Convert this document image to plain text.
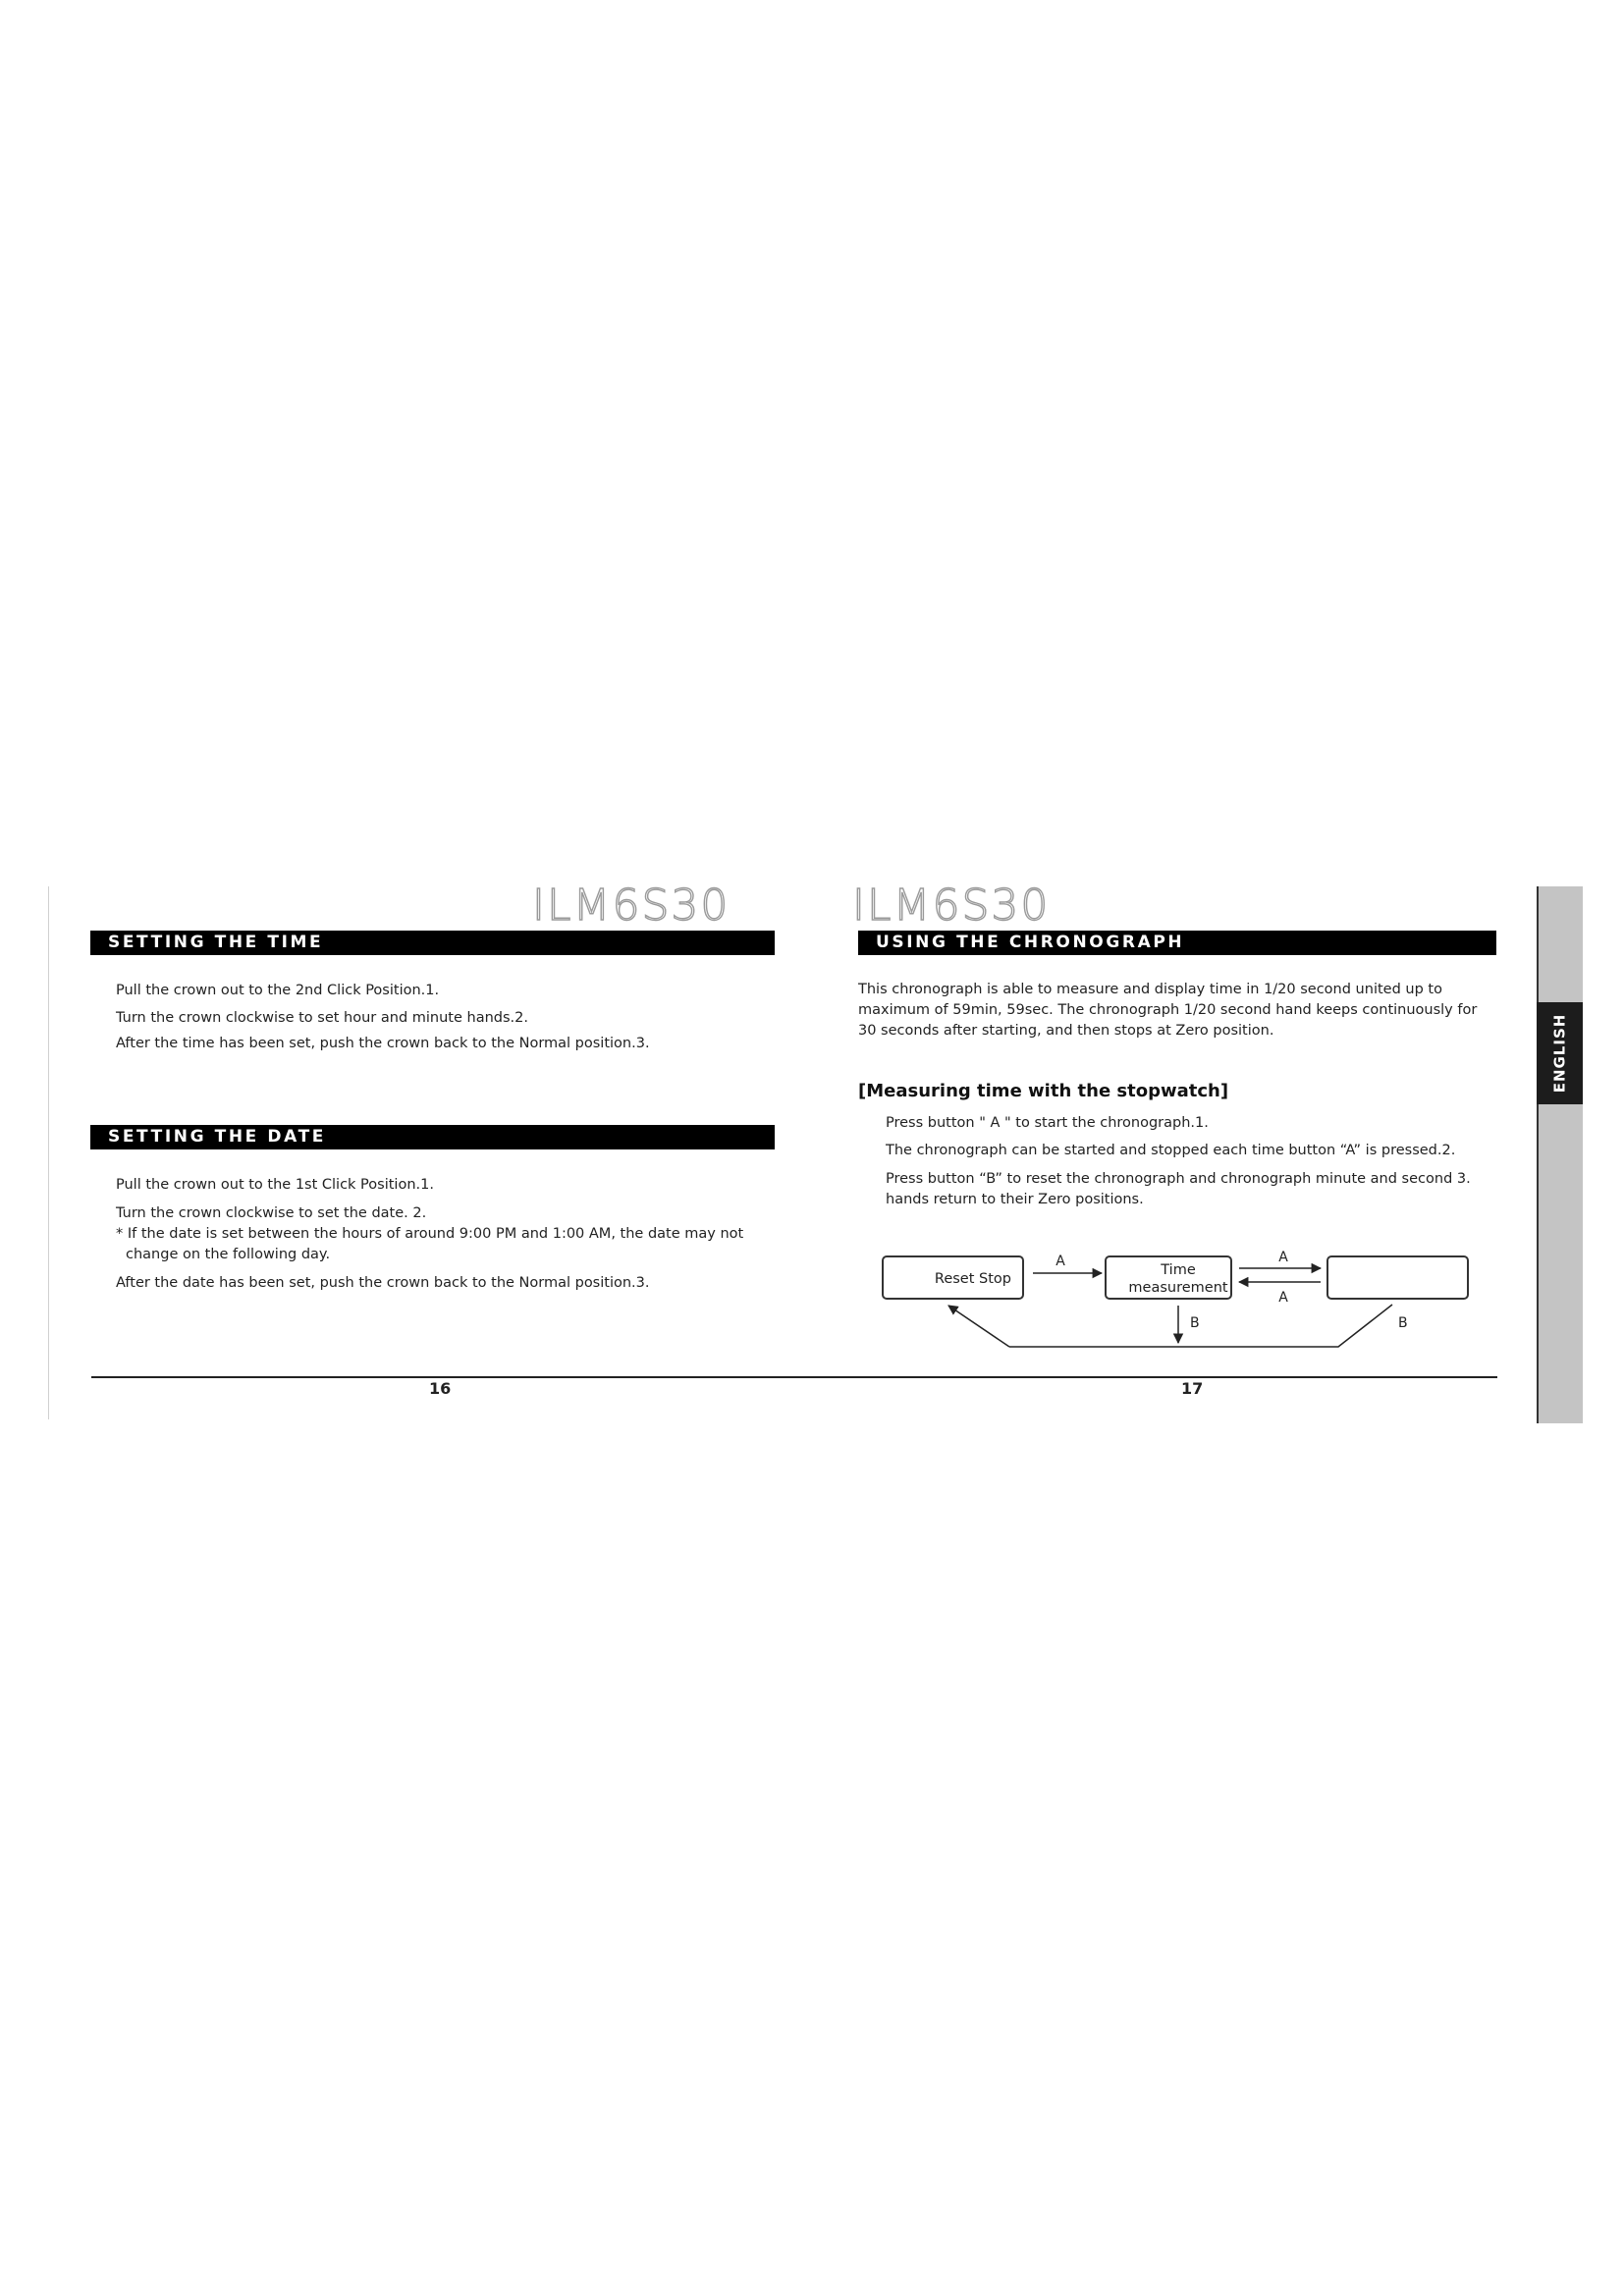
ILM6S30	ILM6S30
SETTING THE TIME
Pull the crown out to the 2nd Click Position.1.
Turn the crown clockwise to set hour and minute hands.2.
After the time has been set, push the crown back to the Normal position.3.
SETTING THE DATE
Pull the crown out to the 1st Click Position.1.
Turn the crown clockwise to set the date. 2.
* If the date is set between the hours of around 9:00 PM and 1:00 AM, the date may not
change on the following day.
After the date has been set, push the crown back to the Normal position.3.
16
USING THE CHRONOGRAPH

This chronograph is able to measure and display time in 1/20 second united up to

maximum of 59min, 59sec. The chronograph 1/20 second hand keeps continuously for

30 seconds after starting, and then stops at Zero position.

[Measuring time with the stopwatch]
Press button " A " to start the chronograph.1.
The chronograph can be started and stopped each time button “A” is pressed.2.
Press button “B” to reset the chronograph and chronograph minute and second 3.
hands return to their Zero positions.
Reset Stop
Time
measurement
A	A
A
B	B
17
ENGLISH
